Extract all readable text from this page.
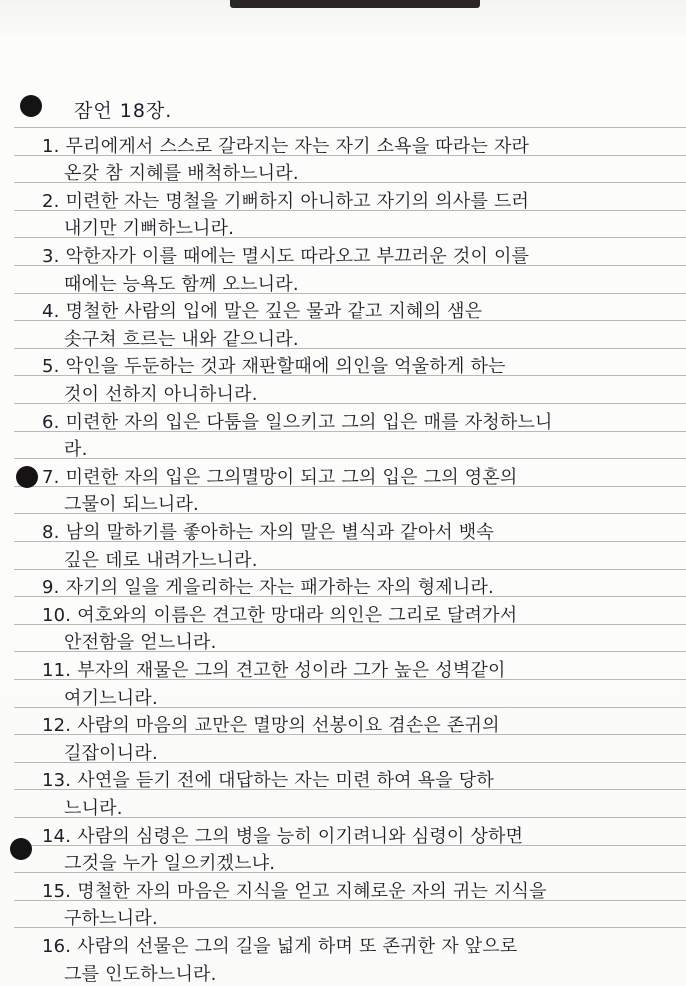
잠언 18장.
1. 무리에게서 스스로 갈라지는 자는 자기 소욕을 따라는 자라
온갖 참 지혜를 배척하느니라.
2. 미련한 자는 명철을 기뻐하지 아니하고 자기의 의사를 드러
내기만 기뻐하느니라.
3. 악한자가 이를 때에는 멸시도 따라오고 부끄러운 것이 이를
때에는 능욕도 함께 오느니라.
4. 명철한 사람의 입에 말은 깊은 물과 같고 지혜의 샘은
솟구쳐 흐르는 내와 같으니라.
5. 악인을 두둔하는 것과 재판할때에 의인을 억울하게 하는
것이 선하지 아니하니라.
6. 미련한 자의 입은 다툼을 일으키고 그의 입은 매를 자청하느니
라.
7. 미련한 자의 입은 그의멸망이 되고 그의 입은 그의 영혼의
그물이 되느니라.
8. 남의 말하기를 좋아하는 자의 말은 별식과 같아서 뱃속
깊은 데로 내려가느니라.
9. 자기의 일을 게을리하는 자는 패가하는 자의 형제니라.
10. 여호와의 이름은 견고한 망대라 의인은 그리로 달려가서
안전함을 얻느니라.
11. 부자의 재물은 그의 견고한 성이라 그가 높은 성벽같이
여기느니라.
12. 사람의 마음의 교만은 멸망의 선봉이요 겸손은 존귀의
길잡이니라.
13. 사연을 듣기 전에 대답하는 자는 미련 하여 욕을 당하
느니라.
14. 사람의 심령은 그의 병을 능히 이기려니와 심령이 상하면
그것을 누가 일으키겠느냐.
15. 명철한 자의 마음은 지식을 얻고 지혜로운 자의 귀는 지식을
구하느니라.
16. 사람의 선물은 그의 길을 넓게 하며 또 존귀한 자 앞으로
그를 인도하느니라.
